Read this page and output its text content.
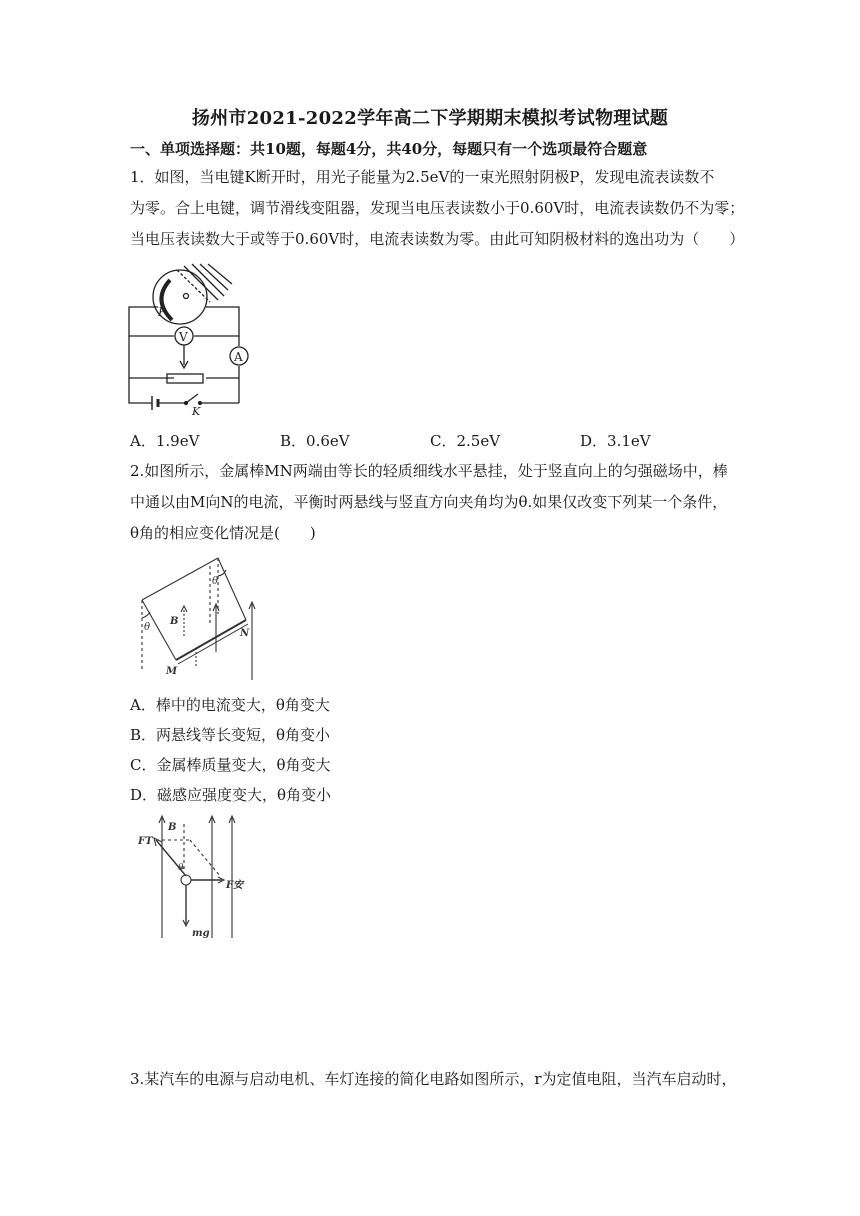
扬州市2021-2022学年高二下学期期末模拟考试物理试题
一、单项选择题：共10题，每题4分，共40分，每题只有一个选项最符合题意
1．如图，当电键K断开时，用光子能量为2.5eV的一束光照射阴极P，发现电流表读数不
为零。合上电键，调节滑线变阻器，发现当电压表读数小于0.60V时，电流表读数仍不为零；
当电压表读数大于或等于0.60V时，电流表读数为零。由此可知阴极材料的逸出功为（　　）
P
V
A
K
A．1.9eV	B．0.6eV	C．2.5eV	D．3.1eV
2.如图所示，金属棒MN两端由等长的轻质细线水平悬挂，处于竖直向上的匀强磁场中，棒
中通以由M向N的电流，平衡时两悬线与竖直方向夹角均为θ.如果仅改变下列某一个条件，
θ角的相应变化情况是(　　)
θ
θ
B
M
N
A．棒中的电流变大，θ角变大
B．两悬线等长变短，θ角变小
C．金属棒质量变大，θ角变大
D．磁感应强度变大，θ角变小
FT
B
θ
F安
mg
3.某汽车的电源与启动电机、车灯连接的简化电路如图所示，r为定值电阻，当汽车启动时，
